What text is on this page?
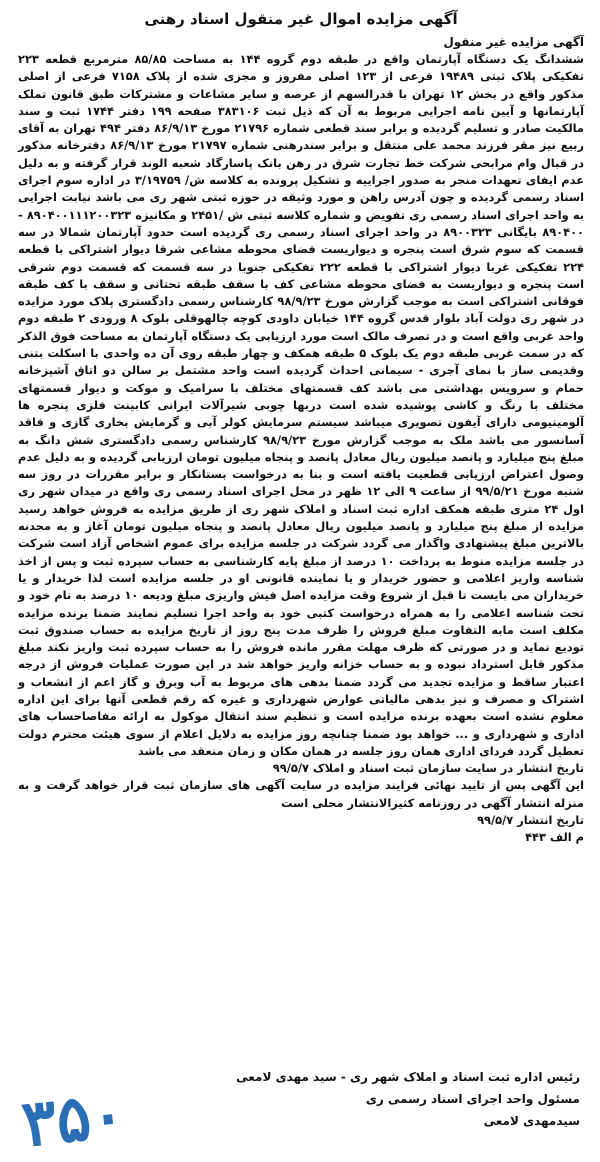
آگهی مزایده اموال غیر منقول اسناد رهنی
آگهی مزایده غیر منقول

ششدانگ یک دستگاه آپارتمان واقع در طبقه دوم گروه ۱۴۴ به مساحت ۸۵/۸۵ مترمربع قطعه ۲۲۳ تفکیکی پلاک ثبتی ۱۹۴۸۹ فرعی از ۱۲۳ اصلی مفروز و مجزی شده از پلاک ۷۱۵۸ فرعی از اصلی مذکور واقع در بخش ۱۲ تهران با قدرالسهم از عرصه و سایر مشاعات و مشترکات طبق قانون تملک آپارتمانها و آیین نامه اجرایی مربوط به آن که ذیل ثبت ۳۸۳۱۰۶ صفحه ۱۹۹ دفتر ۱۷۴۴ ثبت و سند مالکیت صادر و تسلیم گردیده و برابر سند قطعی شماره ۲۱۷۹۶ مورخ ۸۶/۹/۱۳ دفتر ۴۹۴ تهران به آقای ربیع نیز مقر فرزند محمد علی منتقل و برابر سندرهنی شماره ۲۱۷۹۷ مورخ ۸۶/۹/۱۳ دفترخانه مذکور در قبال وام مرابحی شرکت خط تجارت شرق در رهن بانک پاسارگاد شعبه الوند قرار گرفته و به دلیل عدم ایفای تعهدات منجر به صدور اجراییه و تشکیل پرونده به کلاسه ش/ ۳/۱۹۷۵۹ در اداره سوم اجرای اسناد رسمی گردیده و چون آدرس راهن و مورد وثیقه در حوزه ثبتی شهر ری می باشد نیابت اجرایی به واحد اجرای اسناد رسمی ری تفویض و شماره کلاسه ثبتی ش /۲۴۵۱ و مکانیزه ۸۹۰۴۰۰۱۱۱۲۰۰۳۲۳ - ۸۹۰۴۰۰ بایگانی ۸۹۰۰۳۲۳ در واحد اجرای اسناد رسمی ری گردیده است حدود آپارتمان شمالا در سه قسمت که سوم شرق است پنجره و دیواریست فضای محوطه مشاعی شرقا دیوار اشتراکی با قطعه ۲۲۴ تفکیکی غربا دیوار اشتراکی با قطعه ۲۲۲ تفکیکی جنوبا در سه قسمت که قسمت دوم شرقی است پنجره و دیواریست به فضای محوطه مشاعی کف با سقف طبقه تحتانی و سقف با کف طبقه فوقانی اشتراکی است به موجب گزارش مورخ ۹۸/۹/۲۳ کارشناس رسمی دادگستری پلاک مورد مزایده در شهر ری دولت آباد بلوار قدس گروه ۱۴۴ خیابان داودی کوچه چالهوقلی بلوک ۸ ورودی ۲ طبقه دوم واحد غربی واقع است و در تصرف مالک است مورد ارزیابی یک دستگاه آپارتمان به مساحت فوق الذکر که در سمت غربی طبقه دوم یک بلوک ۵ طبقه همکف و چهار طبقه روی آن ده واحدی با اسکلت بتنی وقدیمی ساز با نمای آجری - سیمانی احداث گردیده است واحد مشتمل بر سالن دو اتاق آشپزخانه حمام و سرویس بهداشتی می باشد کف قسمتهای مختلف با سرامیک و موکت و دیوار قسمتهای مختلف با رنگ و کاشی پوشیده شده است دربها چوبی شیرآلات ایرانی کابینت فلزی پنجره ها آلومینیومی دارای آیفون تصویری میباشد سیستم سرمایش کولر آبی و گرمایش بخاری گازی و فاقد آسانسور می باشد ملک به موجب گزارش مورخ ۹۸/۹/۲۳ کارشناس رسمی دادگستری شش دانگ به مبلغ پنج میلیارد و پانصد میلیون ریال معادل پانصد و پنجاه میلیون تومان ارزیابی گردیده و به دلیل عدم وصول اعتراض ارزیابی قطعیت یافته است و بنا به درخواست بستانکار و برابر مقررات در روز سه شنبه مورخ ۹۹/۵/۲۱ از ساعت ۹ الی ۱۲ ظهر در محل اجرای اسناد رسمی ری واقع در میدان شهر ری اول ۲۴ متری طبقه همکف اداره ثبت اسناد و املاک شهر ری از طریق مزایده به فروش خواهد رسید مزایده از مبلغ پنج میلیارد و پانصد میلیون ریال معادل پانصد و پنجاه میلیون تومان آغاز و به محدنه بالاترین مبلغ پیشنهادی واگذار می گردد شرکت در جلسه مزایده برای عموم اشخاص آزاد است شرکت در جلسه مزایده منوط به پرداخت ۱۰ درصد از مبلغ پایه کارشناسی به حساب سپرده ثبت و پس از اخذ شناسه واریز اعلامی و حضور خریدار و یا نماینده قانونی او در جلسه مزایده است لذا خریدار و یا خریداران می بایست تا قبل از شروع وقت مزایده اصل فیش واریزی مبلغ ودیعه ۱۰ درصد به نام خود و تحت شناسه اعلامی را به همراه درخواست کتبی خود به واحد اجرا تسلیم نمایند ضمنا برنده مزایده مکلف است مابه التفاوت مبلغ فروش را ظرف مدت پنج روز از تاریخ مزایده به حساب صندوق ثبت تودیع نماید و در صورتی که ظرف مهلت مقرر مانده فروش را به حساب سپرده ثبت واریز نکند مبلغ مذکور قابل استرداد نبوده و به حساب خزانه واریز خواهد شد در این صورت عملیات فروش از درجه اعتبار ساقط و مزایده تجدید می گردد ضمنا بدهی های مربوط به آب وبرق و گاز اعم از انشعاب و اشتراک و مصرف و نیز بدهی مالیاتی عوارض شهرداری و غیره که رقم قطعی آنها برای این اداره معلوم نشده است بعهده برنده مزایده است و تنظیم سند انتقال موکول به ارائه مفاصاحساب های اداری و شهرداری و ... خواهد بود ضمنا چنانچه روز مزایده به دلایل اعلام از سوی هیئت محترم دولت تعطیل گردد فردای اداری همان روز جلسه در همان مکان و زمان منعقد می باشد

تاریخ انتشار در سایت سازمان ثبت اسناد و املاک ۹۹/۵/۷

این آگهی پس از تایید نهائی فرایند مزایده در سایت آگهی های سازمان ثبت قرار خواهد گرفت و به منزله انتشار آگهی در روزنامه کثیرالانتشار محلی است

تاریخ انتشار ۹۹/۵/۷

م الف ۴۴۳

رئیس اداره ثبت اسناد و املاک شهر ری - سید مهدی لامعی

مسئول واحد اجرای اسناد رسمی ری

سیدمهدی لامعی

۳۵۰
